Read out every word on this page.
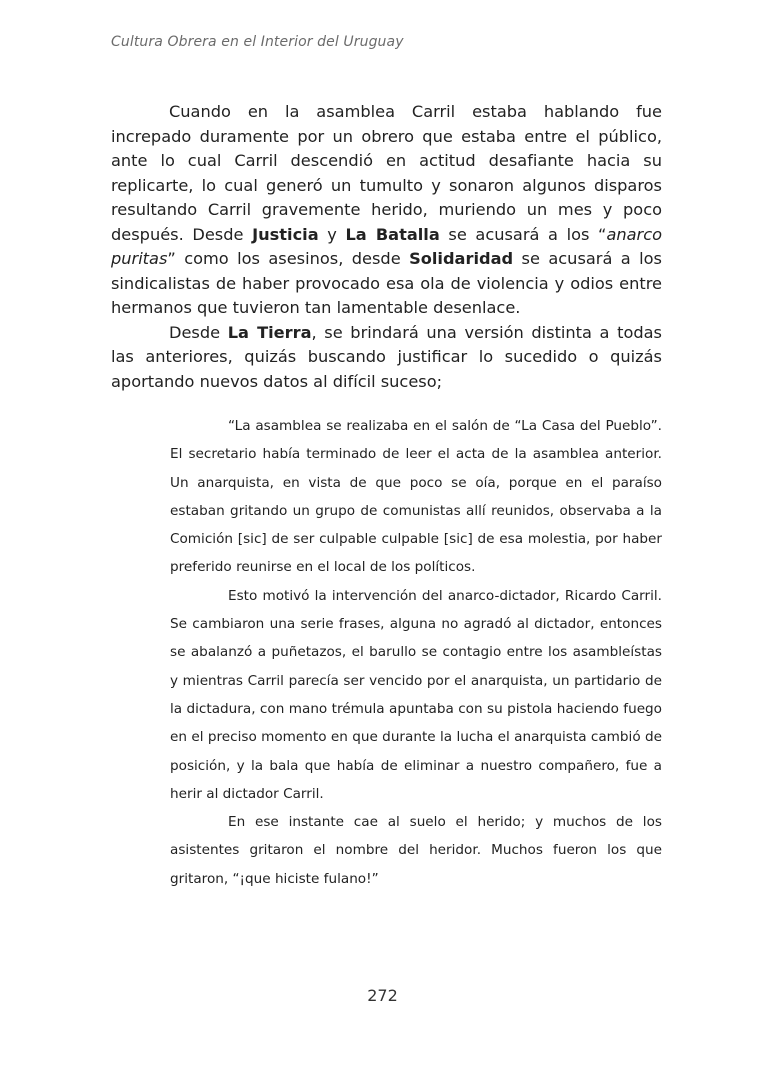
Cultura Obrera en el Interior del Uruguay

Cuando en la asamblea Carril estaba hablando fue increpado duramente por un obrero que estaba entre el público, ante lo cual Carril descendió en actitud desafiante hacia su replicarte, lo cual generó un tumulto y sonaron algunos disparos resultando Carril gravemente herido, muriendo un mes y poco después. Desde Justicia y La Batalla se acusará a los “anarco puritas” como los asesinos, desde Solidaridad se acusará a los sindicalistas de haber provocado esa ola de violencia y odios entre hermanos que tuvieron tan lamentable desenlace.

Desde La Tierra, se brindará una versión distinta a todas las anteriores, quizás buscando justificar lo sucedido o quizás aportando nuevos datos al difícil suceso;

“La asamblea se realizaba en el salón de “La Casa del Pueblo”. El secretario había terminado de leer el acta de la asamblea anterior. Un anarquista, en vista de que poco se oía, porque en el paraíso estaban gritando un grupo de comunistas allí reunidos, observaba a la Comición [sic] de ser culpable culpable [sic] de esa molestia, por haber preferido reunirse en el local de los políticos.

Esto motivó la intervención del anarco-dictador, Ricardo Carril. Se cambiaron una serie frases, alguna no agradó al dictador, entonces se abalanzó a puñetazos, el barullo se contagio entre los asambleístas y mientras Carril parecía ser vencido por el anarquista, un partidario de la dictadura, con mano trémula apuntaba con su pistola haciendo fuego en el preciso momento en que durante la lucha el anarquista cambió de posición, y la bala que había de eliminar a nuestro compañero, fue a herir al dictador Carril.

En ese instante cae al suelo el herido; y muchos de los asistentes gritaron el nombre del heridor. Muchos fueron los que gritaron, “¡que hiciste fulano!”

272
